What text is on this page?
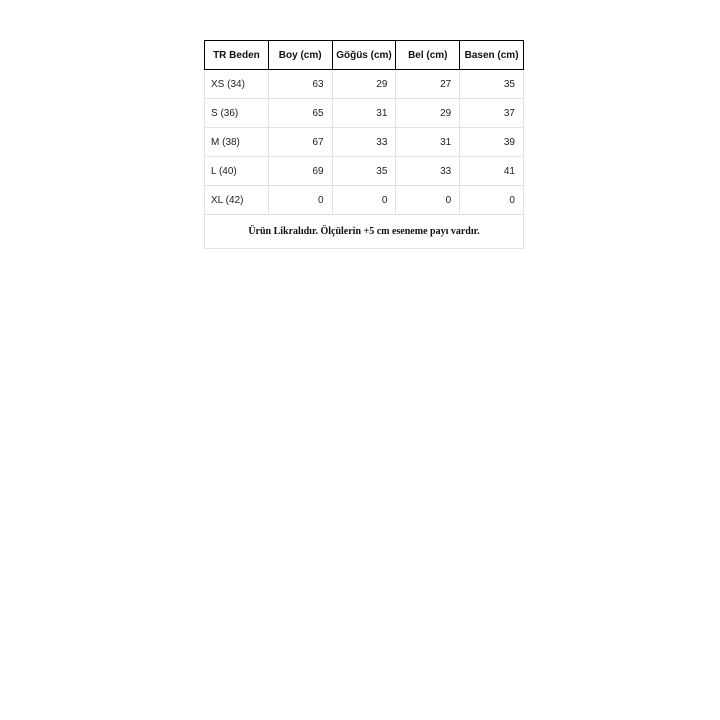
TR Beden	Boy (cm)	Göğüs (cm)	Bel (cm)	Basen (cm)
XS (34)	63	29	27	35
S (36)	65	31	29	37
M (38)	67	33	31	39
L (40)	69	35	33	41
XL (42)	0	0	0	0
Ürün Likralıdır. Ölçülerin +5 cm eseneme payı vardır.				
